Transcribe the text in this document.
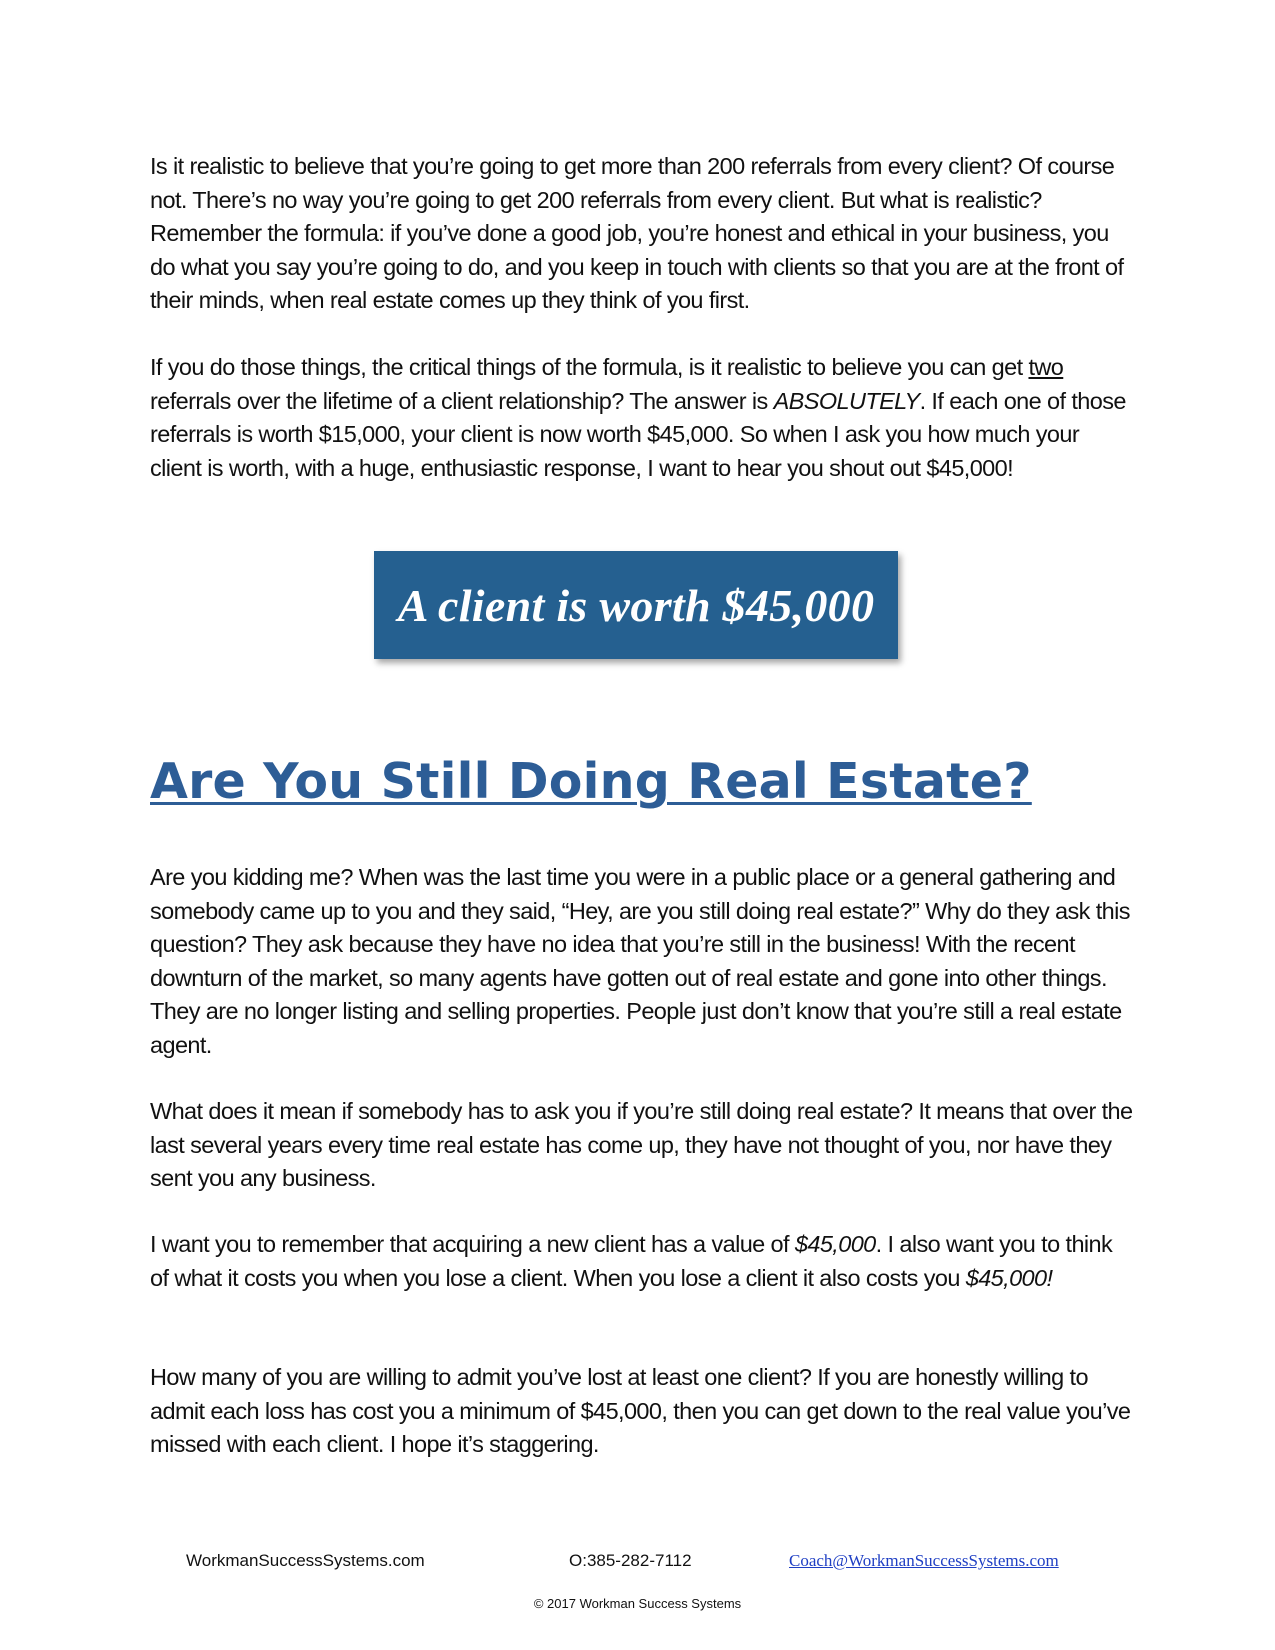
Is it realistic to believe that you’re going to get more than 200 referrals from every client? Of course not. There’s no way you’re going to get 200 referrals from every client. But what is realistic? Remember the formula: if you’ve done a good job, you’re honest and ethical in your business, you do what you say you’re going to do, and you keep in touch with clients so that you are at the front of their minds, when real estate comes up they think of you first.

If you do those things, the critical things of the formula, is it realistic to believe you can get two referrals over the lifetime of a client relationship? The answer is ABSOLUTELY. If each one of those referrals is worth $15,000, your client is now worth $45,000. So when I ask you how much your client is worth, with a huge, enthusiastic response, I want to hear you shout out $45,000!

A client is worth $45,000
Are You Still Doing Real Estate?

Are you kidding me? When was the last time you were in a public place or a general gathering and somebody came up to you and they said, “Hey, are you still doing real estate?” Why do they ask this question? They ask because they have no idea that you’re still in the business! With the recent downturn of the market, so many agents have gotten out of real estate and gone into other things. They are no longer listing and selling properties. People just don’t know that you’re still a real estate agent.

What does it mean if somebody has to ask you if you’re still doing real estate? It means that over the last several years every time real estate has come up, they have not thought of you, nor have they sent you any business.

I want you to remember that acquiring a new client has a value of $45,000. I also want you to think of what it costs you when you lose a client. When you lose a client it also costs you $45,000!

How many of you are willing to admit you’ve lost at least one client? If you are honestly willing to admit each loss has cost you a minimum of $45,000, then you can get down to the real value you’ve missed with each client. I hope it’s staggering.

WorkmanSuccessSystems.com	O:385-282-7112	Coach@WorkmanSuccessSystems.com
© 2017 Workman Success Systems
